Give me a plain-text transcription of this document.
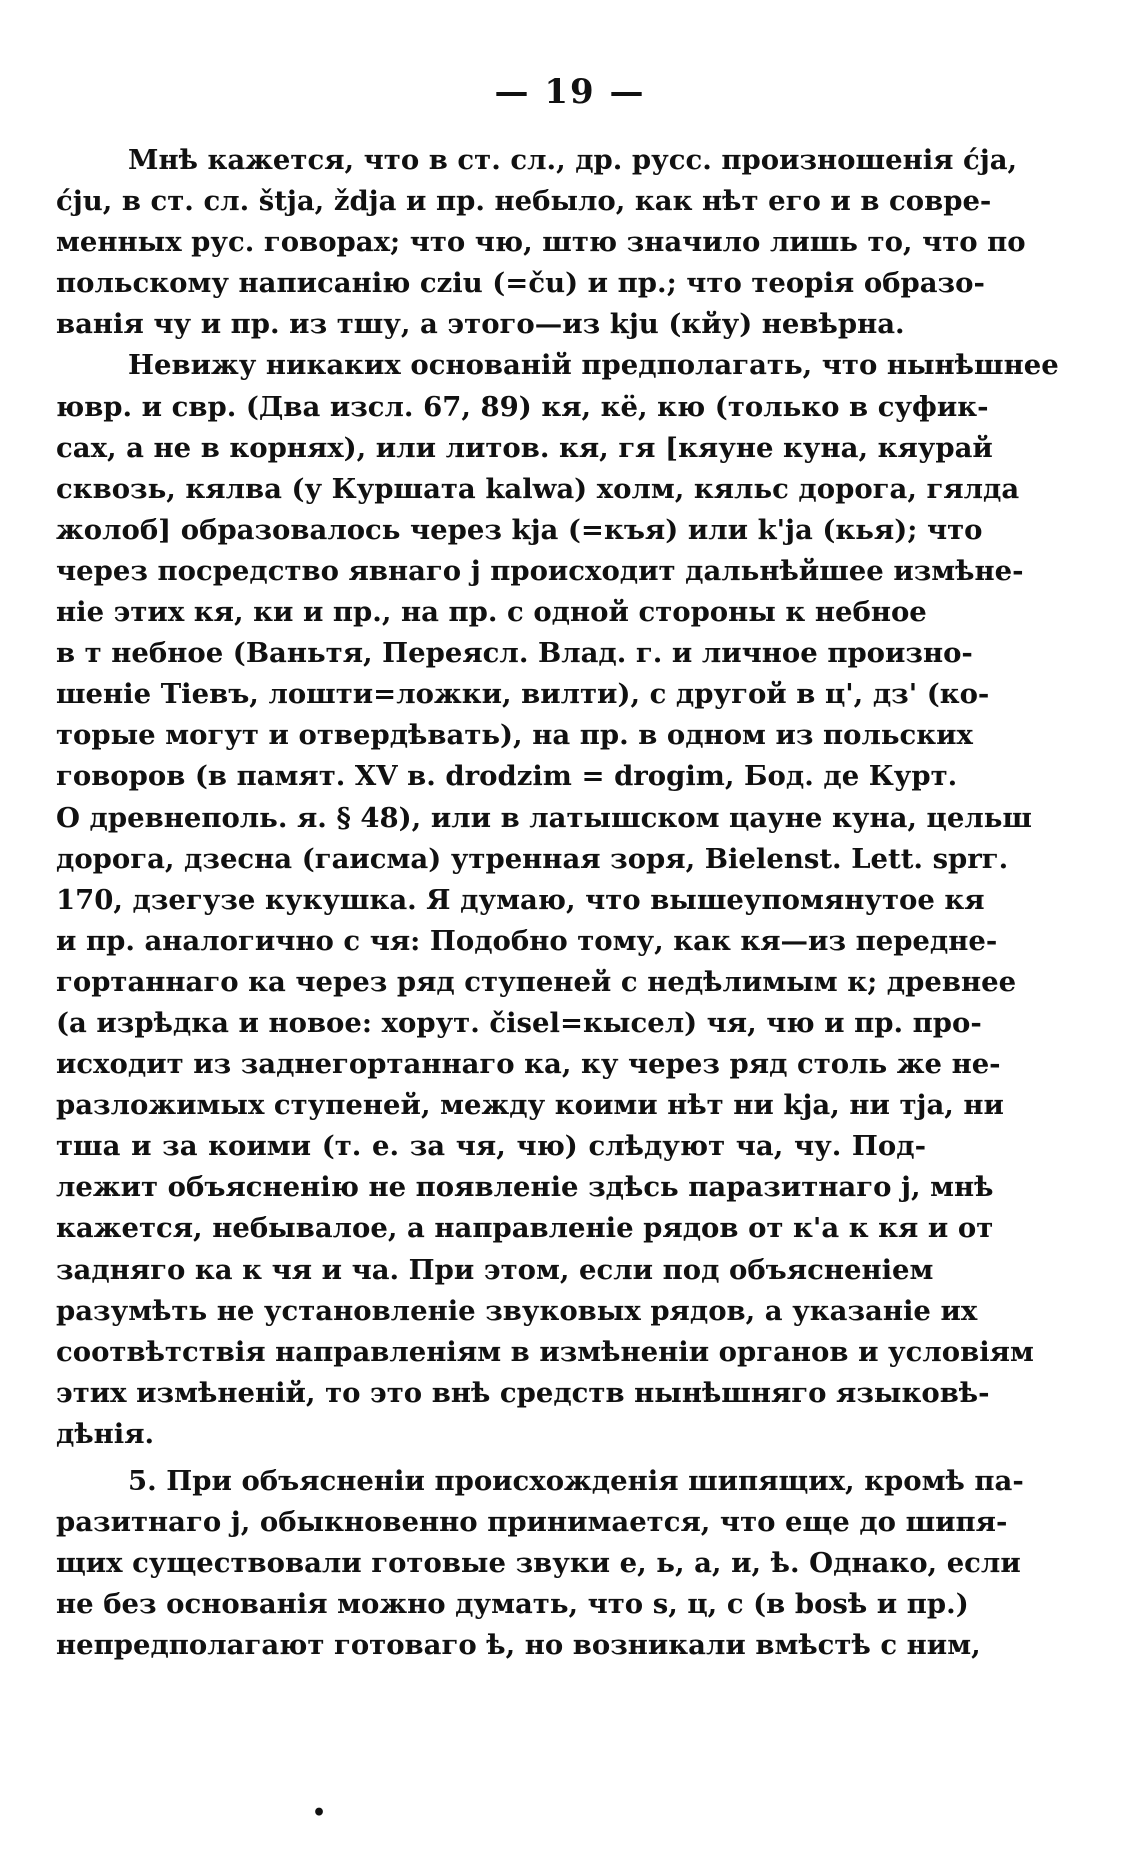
— 19 —
Мнѣ кажется, что в ст. сл., др. русс. произношенія ćja,
ćju, в ст. сл. štja, ždja и пр. небыло, как нѣт его и в совре-
менных рус. говорах; что чю, штю значило лишь то, что по
польскому написанію сziu (=ču) и пр.; что теорія образо-
ванія чу и пр. из тшу, а этого—из kju (кйу) невѣрна.
Невижу никаких основаній предполагать, что нынѣшнее
ювр. и свр. (Два изсл. 67, 89) кя, кё, кю (только в суфик-
сах, а не в корнях), или литов. кя, гя [кяуне куна, кяурай
сквозь, кялва (у Куршата kalwa) холм, кяльс дорога, гялда
жолоб] образовалось через kja (=къя) или k'ja (кья); что
через посредство явнаго j происходит дальнѣйшее измѣне-
ніе этих кя, ки и пр., на пр. с одной стороны к небное
в т небное (Ваньтя, Переясл. Влад. г. и личное произно-
шеніе Тіевъ, лошти=ложки, вилти), с другой в ц', дз' (ко-
торые могут и отвердѣвать), на пр. в одном из польских
говоров (в памят. XV в. drodzim = drogim, Бод. де Курт.
О древнеполь. я. § 48), или в латышском цауне куна, цельш
дорога, дзесна (гаисма) утренная зоря, Bielenst. Lett. sprг.
170, дзегузе кукушка. Я думаю, что вышеупомянутое кя
и пр. аналогично с чя: Подобно тому, как кя—из передне-
гортаннаго ка через ряд ступеней с недѣлимым к; древнее
(а изрѣдка и новое: хорут. čisel=кысел) чя, чю и пр. про-
исходит из заднегортаннаго ка, ку через ряд столь же не-
разложимых ступеней, между коими нѣт ни kja, ни тja, ни
тша и за коими (т. е. за чя, чю) слѣдуют ча, чу. Под-
лежит объясненію не появленіе здѣсь паразитнаго j, мнѣ
кажется, небывалое, а направленіе рядов от к'а к кя и от
задняго ка к чя и ча. При этом, если под объясненіем
разумѣть не установленіе звуковых рядов, а указаніе их
соотвѣтствія направленіям в измѣненіи органов и условіям
этих измѣненій, то это внѣ средств нынѣшняго языковѣ-
дѣнія.
5. При объясненіи происхожденія шипящих, кромѣ па-
разитнаго j, обыкновенно принимается, что еще до шипя-
щих существовали готовые звуки е, ь, а, и, ѣ. Однако, если
не без основанія можно думать, что s, ц, с (в bosѣ и пр.)
непредполагают готоваго ѣ, но возникали вмѣстѣ с ним,
•
